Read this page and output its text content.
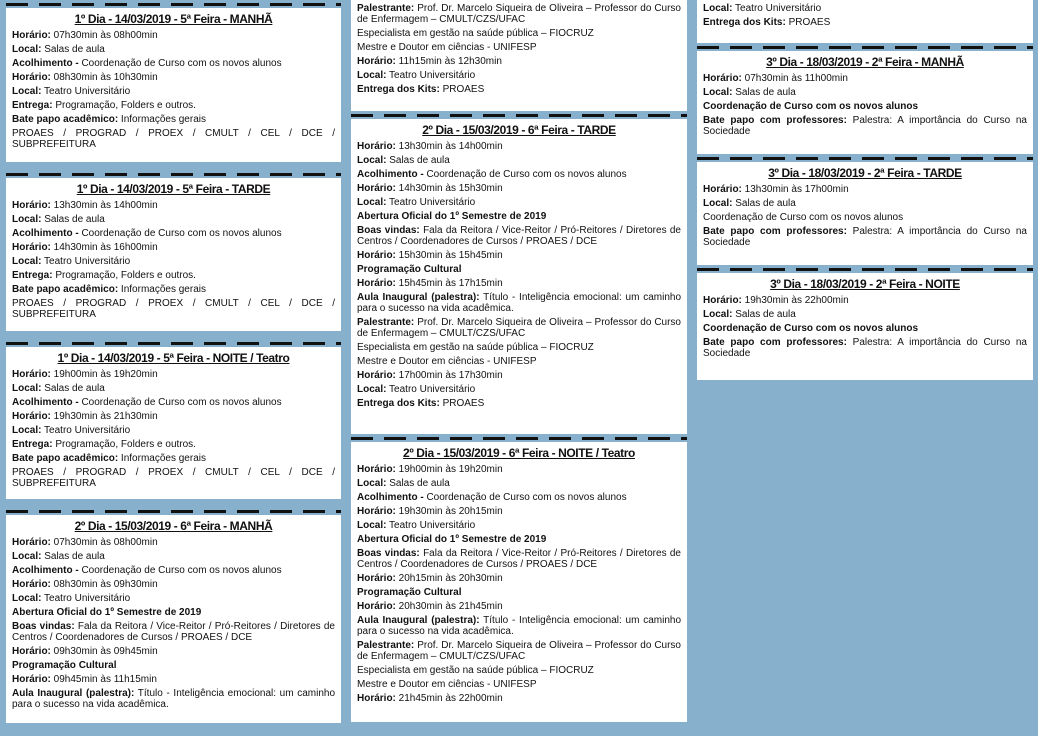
1º Dia - 14/03/2019 - 5ª Feira - MANHÃ
Horário: 07h30min às 08h00min
Local: Salas de aula
Acolhimento - Coordenação de Curso com os novos alunos
Horário: 08h30min às 10h30min
Local: Teatro Universitário
Entrega: Programação, Folders e outros.
Bate papo acadêmico: Informações gerais
PROAES / PROGRAD / PROEX / CMULT / CEL / DCE / SUBPREFEITURA
1º Dia - 14/03/2019 - 5ª Feira - TARDE
Horário: 13h30min às 14h00min
Local: Salas de aula
Acolhimento - Coordenação de Curso com os novos alunos
Horário: 14h30min às 16h00min
Local: Teatro Universitário
Entrega: Programação, Folders e outros.
Bate papo acadêmico: Informações gerais
PROAES / PROGRAD / PROEX / CMULT / CEL / DCE / SUBPREFEITURA
1º Dia - 14/03/2019 - 5ª Feira - NOITE / Teatro
Horário: 19h00min às 19h20min
Local: Salas de aula
Acolhimento - Coordenação de Curso com os novos alunos
Horário: 19h30min às 21h30min
Local: Teatro Universitário
Entrega: Programação, Folders e outros.
Bate papo acadêmico: Informações gerais
PROAES / PROGRAD / PROEX / CMULT / CEL / DCE / SUBPREFEITURA
2º Dia - 15/03/2019 - 6ª Feira - MANHÃ
Horário: 07h30min às 08h00min
Local: Salas de aula
Acolhimento - Coordenação de Curso com os novos alunos
Horário: 08h30min às 09h30min
Local: Teatro Universitário
Abertura Oficial do 1º Semestre de 2019
Boas vindas: Fala da Reitora / Vice-Reitor / Pró-Reitores / Diretores de Centros / Coordenadores de Cursos / PROAES / DCE
Horário: 09h30min às 09h45min
Programação Cultural
Horário: 09h45min às 11h15min
Aula Inaugural (palestra): Título - Inteligência emocional: um caminho para o sucesso na vida acadêmica.
Palestrante: Prof. Dr. Marcelo Siqueira de Oliveira – Professor do Curso de Enfermagem – CMULT/CZS/UFAC
Especialista em gestão na saúde pública – FIOCRUZ
Mestre e Doutor em ciências - UNIFESP
Horário: 11h15min às 12h30min
Local: Teatro Universitário
Entrega dos Kits: PROAES
2º Dia - 15/03/2019 - 6ª Feira - TARDE
Horário: 13h30min às 14h00min
Local: Salas de aula
Acolhimento - Coordenação de Curso com os novos alunos
Horário: 14h30min às 15h30min
Local: Teatro Universitário
Abertura Oficial do 1º Semestre de 2019
Boas vindas: Fala da Reitora / Vice-Reitor / Pró-Reitores / Diretores de Centros / Coordenadores de Cursos / PROAES / DCE
Horário: 15h30min às 15h45min
Programação Cultural
Horário: 15h45min às 17h15min
Aula Inaugural (palestra): Título - Inteligência emocional: um caminho para o sucesso na vida acadêmica.
Palestrante: Prof. Dr. Marcelo Siqueira de Oliveira – Professor do Curso de Enfermagem – CMULT/CZS/UFAC
Especialista em gestão na saúde pública – FIOCRUZ
Mestre e Doutor em ciências - UNIFESP
Horário: 17h00min às 17h30min
Local: Teatro Universitário
Entrega dos Kits: PROAES
2º Dia - 15/03/2019 - 6ª Feira - NOITE / Teatro
Horário: 19h00min às 19h20min
Local: Salas de aula
Acolhimento - Coordenação de Curso com os novos alunos
Horário: 19h30min às 20h15min
Local: Teatro Universitário
Abertura Oficial do 1º Semestre de 2019
Boas vindas: Fala da Reitora / Vice-Reitor / Pró-Reitores / Diretores de Centros / Coordenadores de Cursos / PROAES / DCE
Horário: 20h15min às 20h30min
Programação Cultural
Horário: 20h30min às 21h45min
Aula Inaugural (palestra): Título - Inteligência emocional: um caminho para o sucesso na vida acadêmica.
Palestrante: Prof. Dr. Marcelo Siqueira de Oliveira – Professor do Curso de Enfermagem – CMULT/CZS/UFAC
Especialista em gestão na saúde pública – FIOCRUZ
Mestre e Doutor em ciências - UNIFESP
Horário: 21h45min às 22h00min
Local: Teatro Universitário
Entrega dos Kits: PROAES
3º Dia - 18/03/2019 - 2ª Feira - MANHÃ
Horário: 07h30min às 11h00min
Local: Salas de aula
Coordenação de Curso com os novos alunos
Bate papo com professores: Palestra: A importância do Curso na Sociedade
3º Dia - 18/03/2019 - 2ª Feira - TARDE
Horário: 13h30min às 17h00min
Local: Salas de aula
Coordenação de Curso com os novos alunos
Bate papo com professores: Palestra: A importância do Curso na Sociedade
3º Dia - 18/03/2019 - 2ª Feira - NOITE
Horário: 19h30min às 22h00min
Local: Salas de aula
Coordenação de Curso com os novos alunos
Bate papo com professores: Palestra: A importância do Curso na Sociedade
